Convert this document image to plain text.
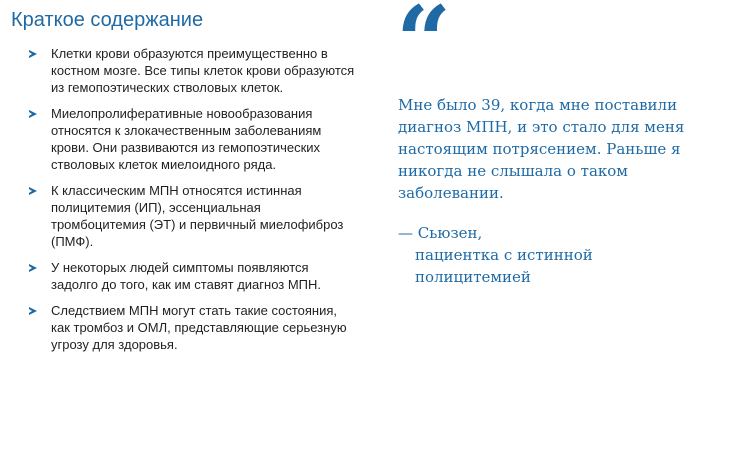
Краткое содержание
Клетки крови образуются преимущественно в костном мозге. Все типы клеток крови образуются из гемопоэтических стволовых клеток.
Миелопролиферативные новообразования относятся к злокачественным заболеваниям крови. Они развиваются из гемопоэтических стволовых клеток миелоидного ряда.
К классическим МПН относятся истинная полицитемия (ИП), эссенциальная тромбоцитемия (ЭТ) и первичный миелофиброз (ПМФ).
У некоторых людей симптомы появляются задолго до того, как им ставят диагноз МПН.
Следствием МПН могут стать такие состояния, как тромбоз и ОМЛ, представляющие серьезную угрозу для здоровья.
“
Мне было 39, когда мне поставили диагноз МПН, и это стало для меня настоящим потрясением. Раньше я никогда не слышала о таком заболевании.
— Сьюзен,
пациентка с истинной полицитемией
